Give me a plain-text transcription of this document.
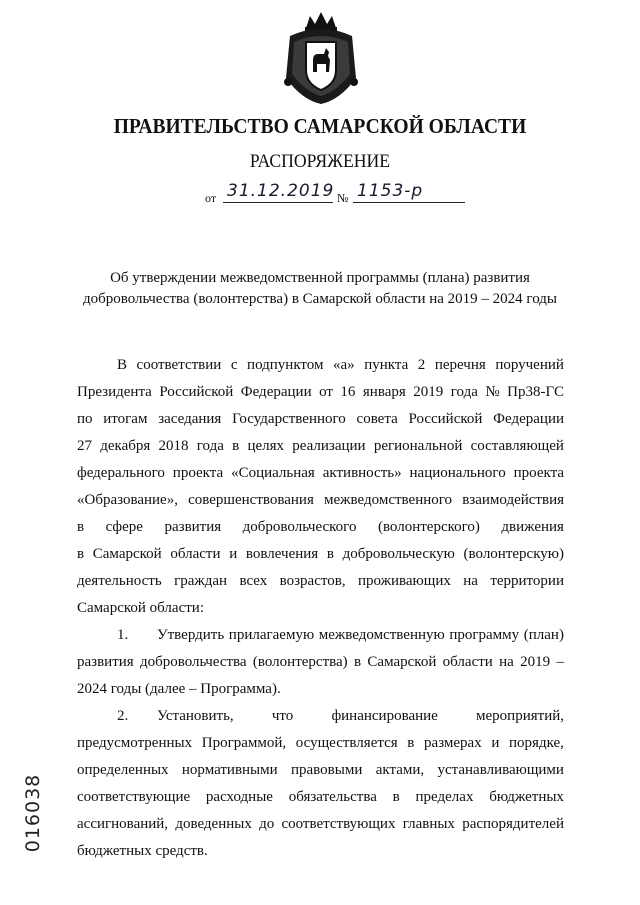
ПРАВИТЕЛЬСТВО САМАРСКОЙ ОБЛАСТИ
РАСПОРЯЖЕНИЕ
от 31.12.2019 № 1153-р
Об утверждении межведомственной программы (плана) развития
добровольчества (волонтерства) в Самарской области на 2019 – 2024 годы
В соответствии с подпунктом «а» пункта 2 перечня поручений
Президента Российской Федерации от 16 января 2019 года № Пр38-ГС
по итогам заседания Государственного совета Российской Федерации
27 декабря 2018 года в целях реализации региональной составляющей
федерального проекта «Социальная активность» национального проекта
«Образование», совершенствования межведомственного взаимодействия
в сфере развития добровольческого (волонтерского) движения
в Самарской области и вовлечения в добровольческую (волонтерскую)
деятельность граждан всех возрастов, проживающих на территории
Самарской области:
1.	Утвердить прилагаемую межведомственную программу (план)
развития добровольчества (волонтерства) в Самарской области на 2019 –
2024 годы (далее – Программа).
2.	Установить,	что	финансирование	мероприятий,
предусмотренных Программой, осуществляется в размерах и порядке,
определенных нормативными правовыми актами, устанавливающими
соответствующие расходные обязательства в пределах бюджетных
ассигнований, доведенных до соответствующих главных распорядителей
бюджетных средств.
016038
